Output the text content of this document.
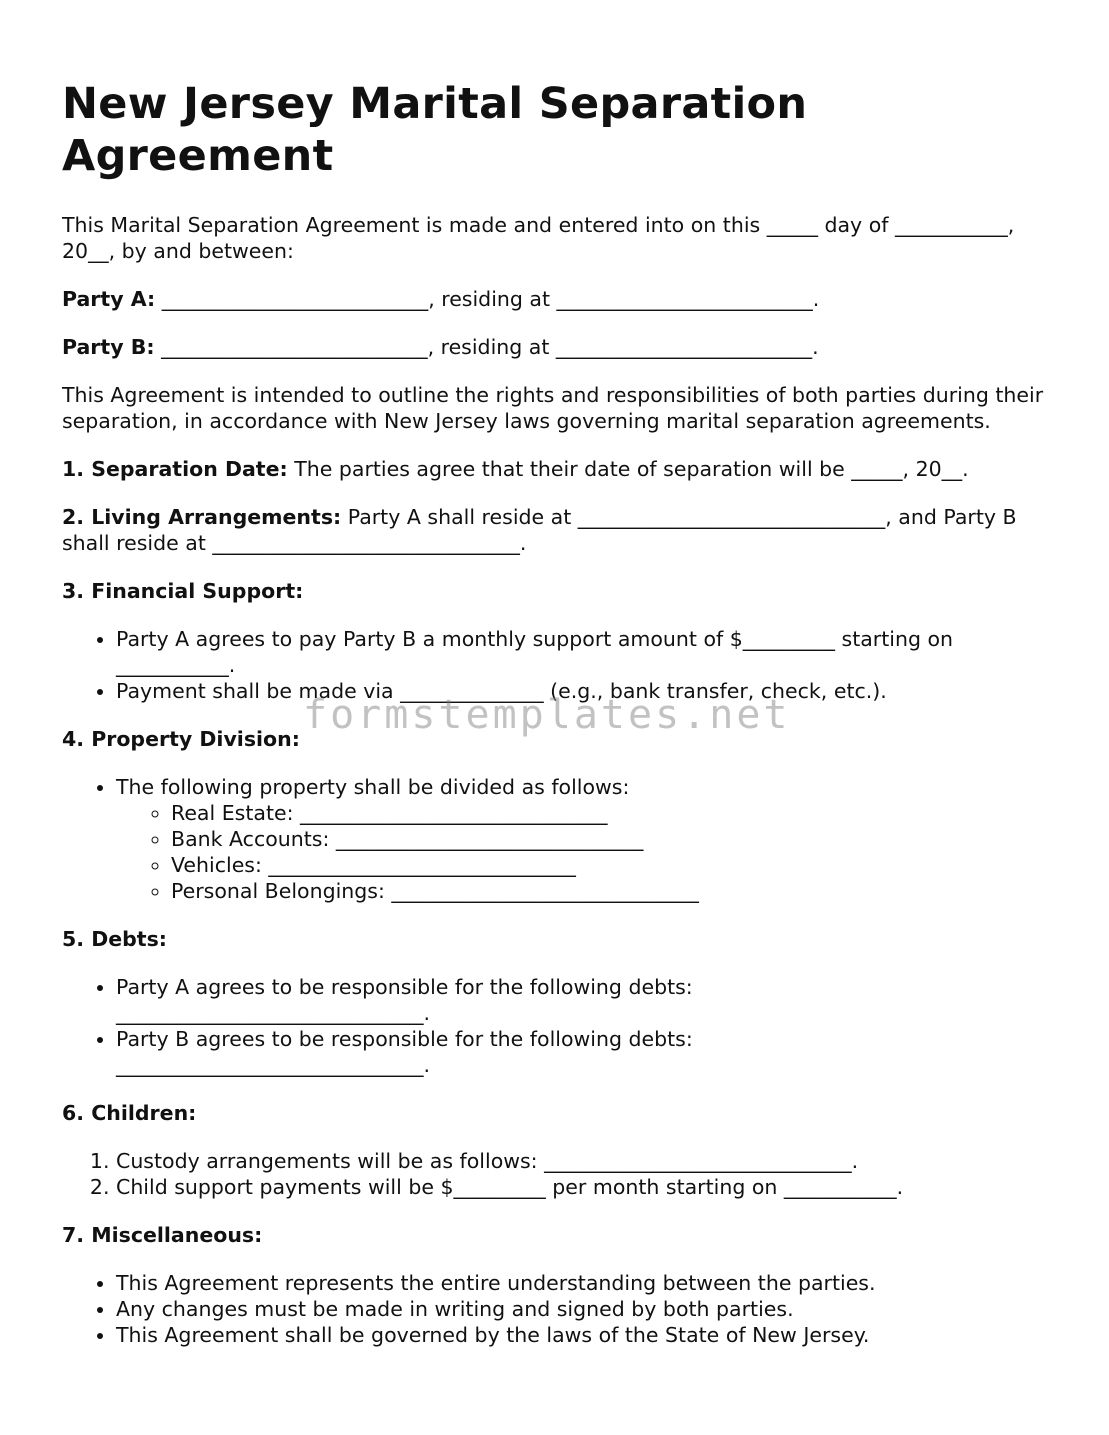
New Jersey Marital Separation Agreement

This Marital Separation Agreement is made and entered into on this _____ day of ___________, 20__, by and between:

Party A: __________________________, residing at _________________________.

Party B: __________________________, residing at _________________________.

This Agreement is intended to outline the rights and responsibilities of both parties during their separation, in accordance with New Jersey laws governing marital separation agreements.

1. Separation Date: The parties agree that their date of separation will be _____, 20__.

2. Living Arrangements: Party A shall reside at ______________________________, and Party B shall reside at ______________________________.

3. Financial Support:

• Party A agrees to pay Party B a monthly support amount of $_________ starting on ___________.
• Payment shall be made via ______________ (e.g., bank transfer, check, etc.).

4. Property Division:

• The following property shall be divided as follows:
◦ Real Estate: ______________________________
◦ Bank Accounts: ______________________________
◦ Vehicles: ______________________________
◦ Personal Belongings: ______________________________

5. Debts:

• Party A agrees to be responsible for the following debts: ______________________________.
• Party B agrees to be responsible for the following debts: ______________________________.

6. Children:

1. Custody arrangements will be as follows: ______________________________.
2. Child support payments will be $_________ per month starting on ___________.

7. Miscellaneous:

• This Agreement represents the entire understanding between the parties.
• Any changes must be made in writing and signed by both parties.
• This Agreement shall be governed by the laws of the State of New Jersey.
formstemplates.net
